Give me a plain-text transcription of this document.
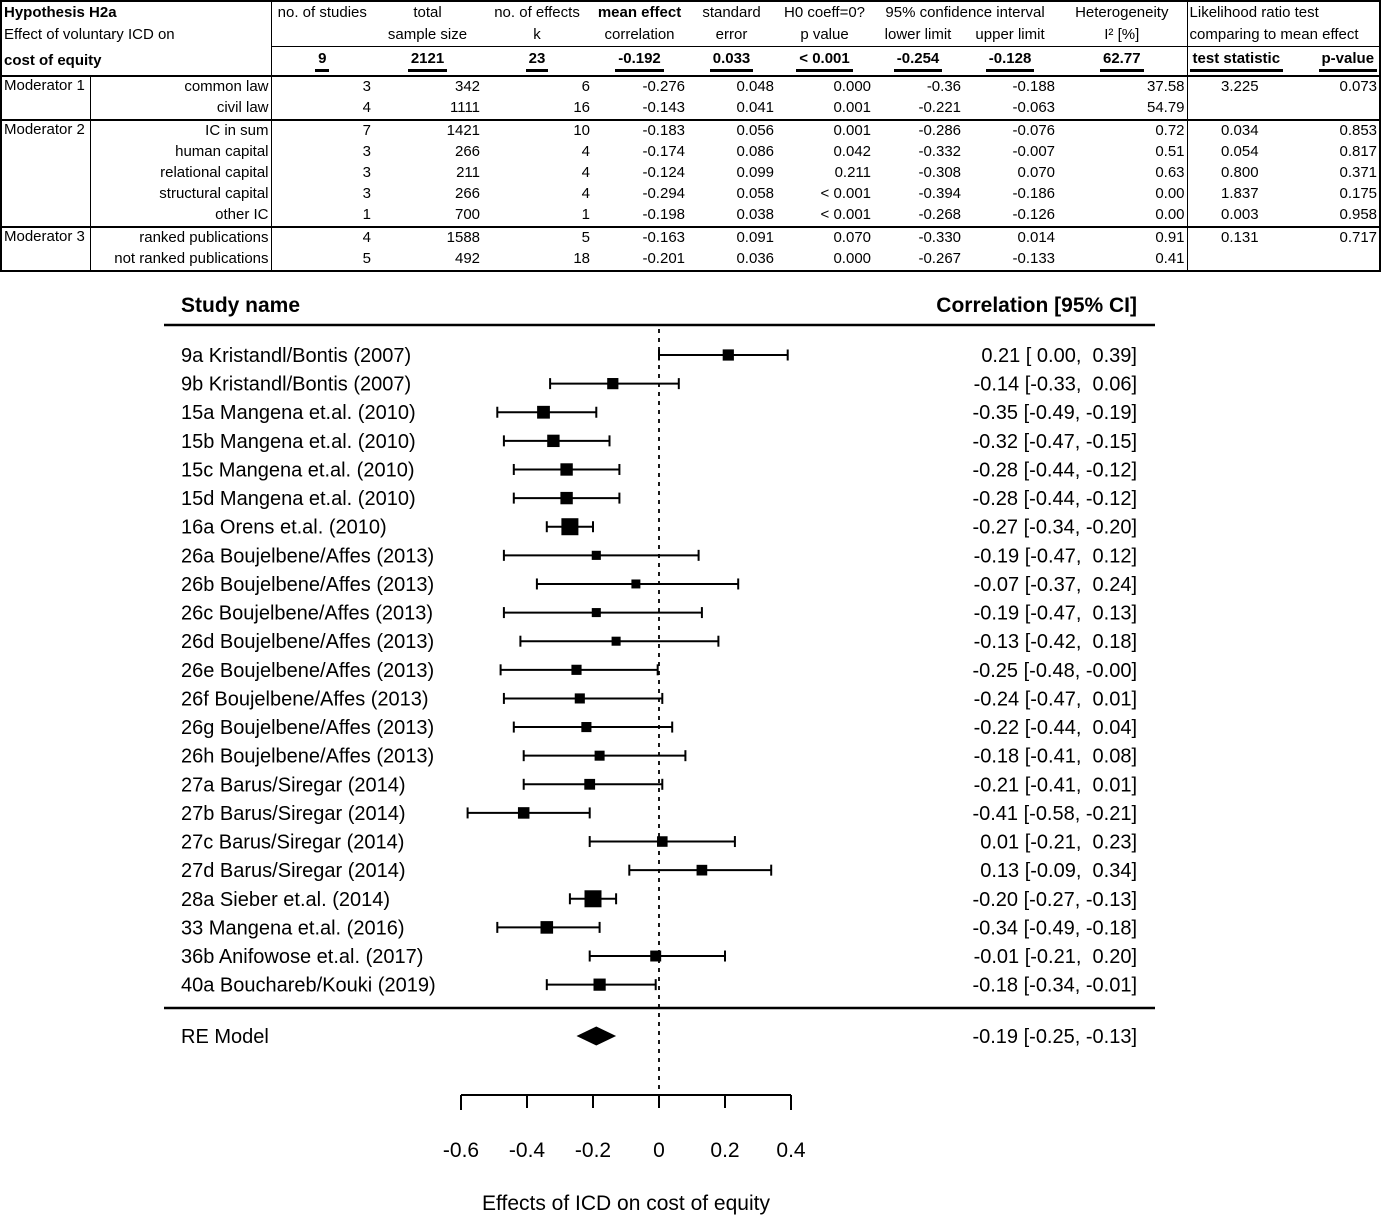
Hypothesis H2a		no. of studies	total	no. of effects	mean effect	standard	H0 coeff=0?	95% confidence interval		Heterogeneity	Likelihood ratio test	
Effect of voluntary ICD on			sample size	k	correlation	error	p value	lower limit	upper limit	I² [%]	comparing to mean effect	
cost of equity		9	2121	23	-0.192	0.033	< 0.001	-0.254	-0.128	62.77	test statistic	p-value
Moderator 1	common law	3	342	6	-0.276	0.048	0.000	-0.36	-0.188	37.58	3.225	0.073
	civil law	4	1111	16	-0.143	0.041	0.001	-0.221	-0.063	54.79		
Moderator 2	IC in sum	7	1421	10	-0.183	0.056	0.001	-0.286	-0.076	0.72	0.034	0.853
	human capital	3	266	4	-0.174	0.086	0.042	-0.332	-0.007	0.51	0.054	0.817
	relational capital	3	211	4	-0.124	0.099	0.211	-0.308	0.070	0.63	0.800	0.371
	structural capital	3	266	4	-0.294	0.058	< 0.001	-0.394	-0.186	0.00	1.837	0.175
	other IC	1	700	1	-0.198	0.038	< 0.001	-0.268	-0.126	0.00	0.003	0.958
Moderator 3	ranked publications	4	1588	5	-0.163	0.091	0.070	-0.330	0.014	0.91	0.131	0.717
	not ranked publications	5	492	18	-0.201	0.036	0.000	-0.267	-0.133	0.41		
Study name	Correlation [95% CI]
9a Kristandl/Bontis (2007)	0.21 [ 0.00,  0.39]
9b Kristandl/Bontis (2007)	-0.14 [-0.33,  0.06]
15a Mangena et.al. (2010)	-0.35 [-0.49, -0.19]
15b Mangena et.al. (2010)	-0.32 [-0.47, -0.15]
15c Mangena et.al. (2010)	-0.28 [-0.44, -0.12]
15d Mangena et.al. (2010)	-0.28 [-0.44, -0.12]
16a Orens et.al. (2010)	-0.27 [-0.34, -0.20]
26a Boujelbene/Affes (2013)	-0.19 [-0.47,  0.12]
26b Boujelbene/Affes (2013)	-0.07 [-0.37,  0.24]
26c Boujelbene/Affes (2013)	-0.19 [-0.47,  0.13]
26d Boujelbene/Affes (2013)	-0.13 [-0.42,  0.18]
26e Boujelbene/Affes (2013)	-0.25 [-0.48, -0.00]
26f Boujelbene/Affes (2013)	-0.24 [-0.47,  0.01]
26g Boujelbene/Affes (2013)	-0.22 [-0.44,  0.04]
26h Boujelbene/Affes (2013)	-0.18 [-0.41,  0.08]
27a Barus/Siregar (2014)	-0.21 [-0.41,  0.01]
27b Barus/Siregar (2014)	-0.41 [-0.58, -0.21]
27c Barus/Siregar (2014)	0.01 [-0.21,  0.23]
27d Barus/Siregar (2014)	0.13 [-0.09,  0.34]
28a Sieber et.al. (2014)	-0.20 [-0.27, -0.13]
33 Mangena et.al. (2016)	-0.34 [-0.49, -0.18]
36b Anifowose et.al. (2017)	-0.01 [-0.21,  0.20]
40a Bouchareb/Kouki (2019)	-0.18 [-0.34, -0.01]
RE Model	-0.19 [-0.25, -0.13]
-0.6 -0.4 -0.2 0 0.2 0.4
Effects of ICD on cost of equity
